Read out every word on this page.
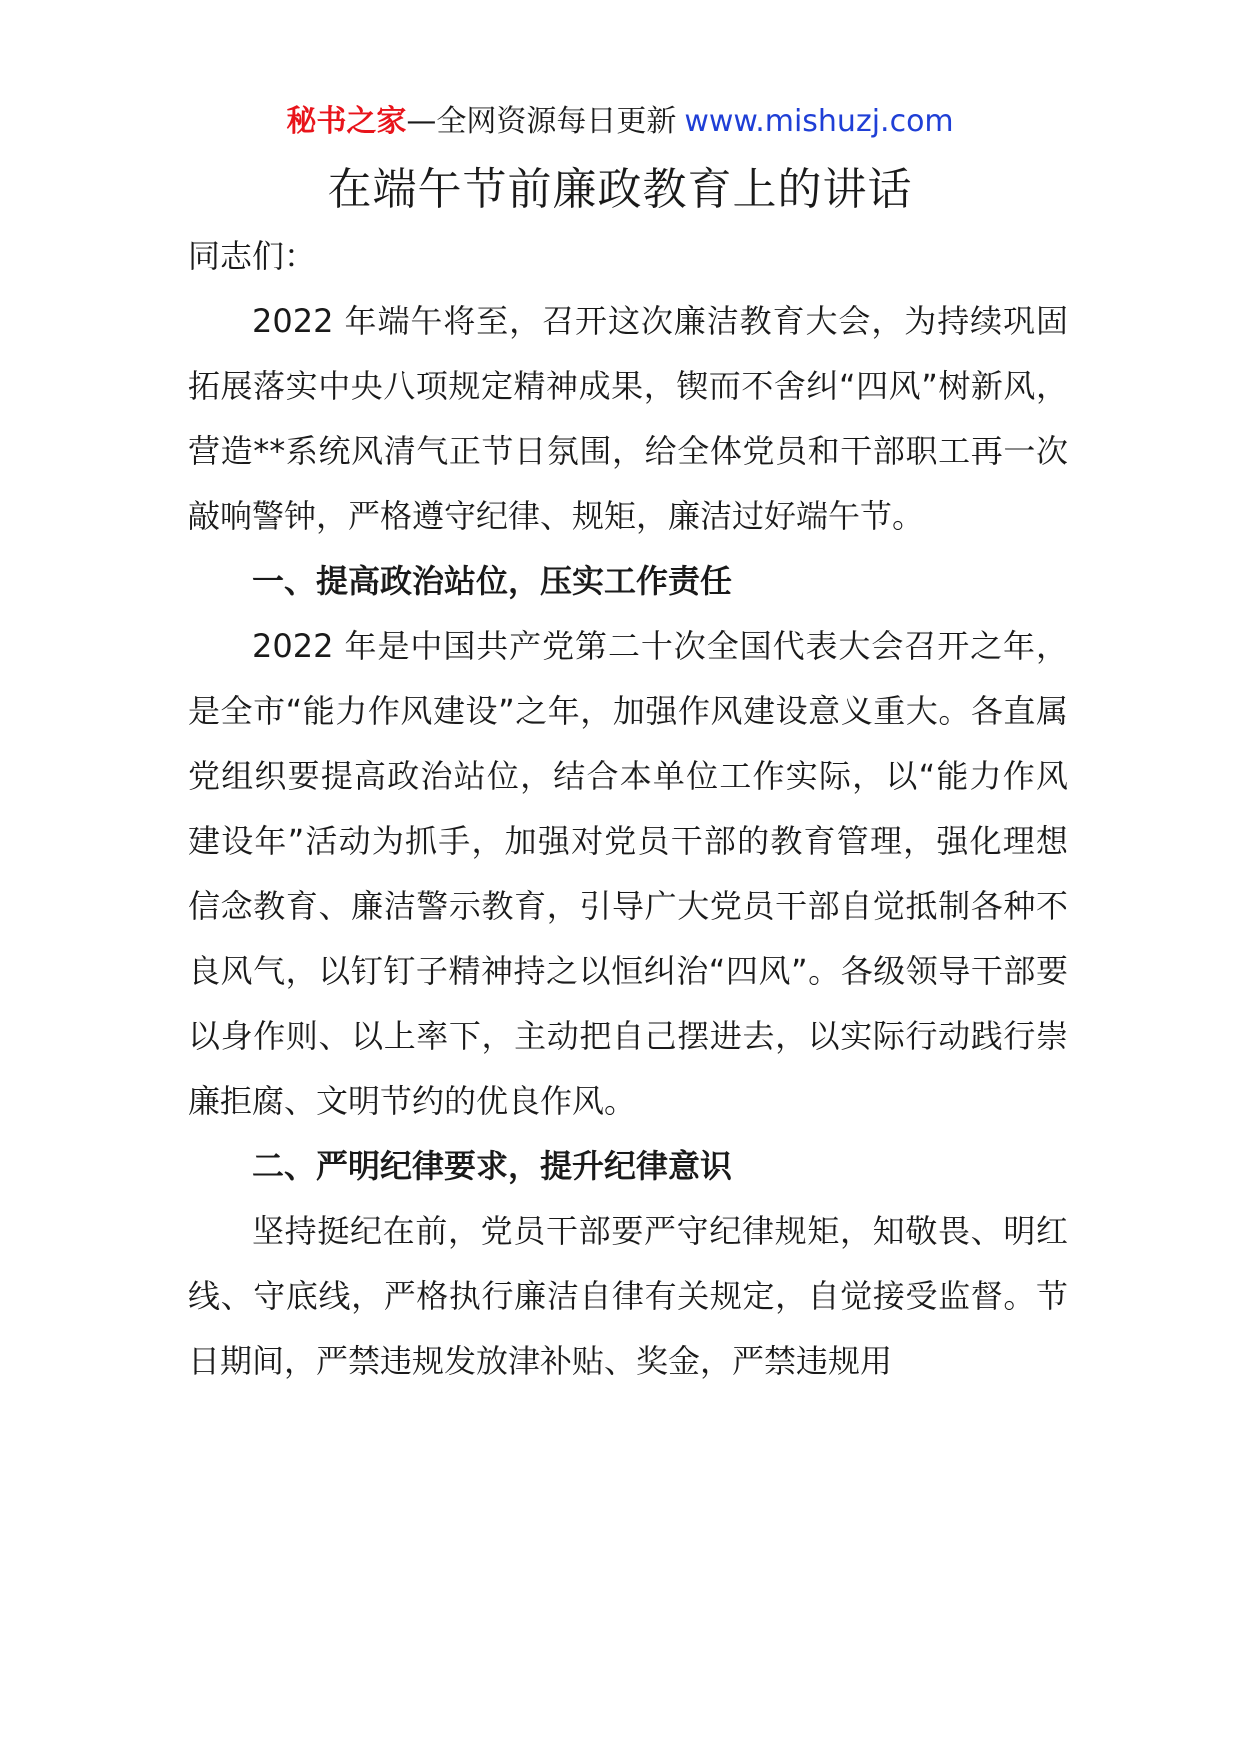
秘书之家—全网资源每日更新 www.mishuzj.com
在端午节前廉政教育上的讲话

同志们：

2022 年端午将至，召开这次廉洁教育大会，为持续巩固拓展落实中央八项规定精神成果，锲而不舍纠“四风”树新风，营造**系统风清气正节日氛围，给全体党员和干部职工再一次敲响警钟，严格遵守纪律、规矩，廉洁过好端午节。

一、提高政治站位，压实工作责任

2022 年是中国共产党第二十次全国代表大会召开之年，是全市“能力作风建设”之年，加强作风建设意义重大。各直属党组织要提高政治站位，结合本单位工作实际，以“能力作风建设年”活动为抓手，加强对党员干部的教育管理，强化理想信念教育、廉洁警示教育，引导广大党员干部自觉抵制各种不良风气，以钉钉子精神持之以恒纠治“四风”。各级领导干部要以身作则、以上率下，主动把自己摆进去，以实际行动践行崇廉拒腐、文明节约的优良作风。

二、严明纪律要求，提升纪律意识

坚持挺纪在前，党员干部要严守纪律规矩，知敬畏、明红线、守底线，严格执行廉洁自律有关规定，自觉接受监督。节日期间，严禁违规发放津补贴、奖金，严禁违规用
